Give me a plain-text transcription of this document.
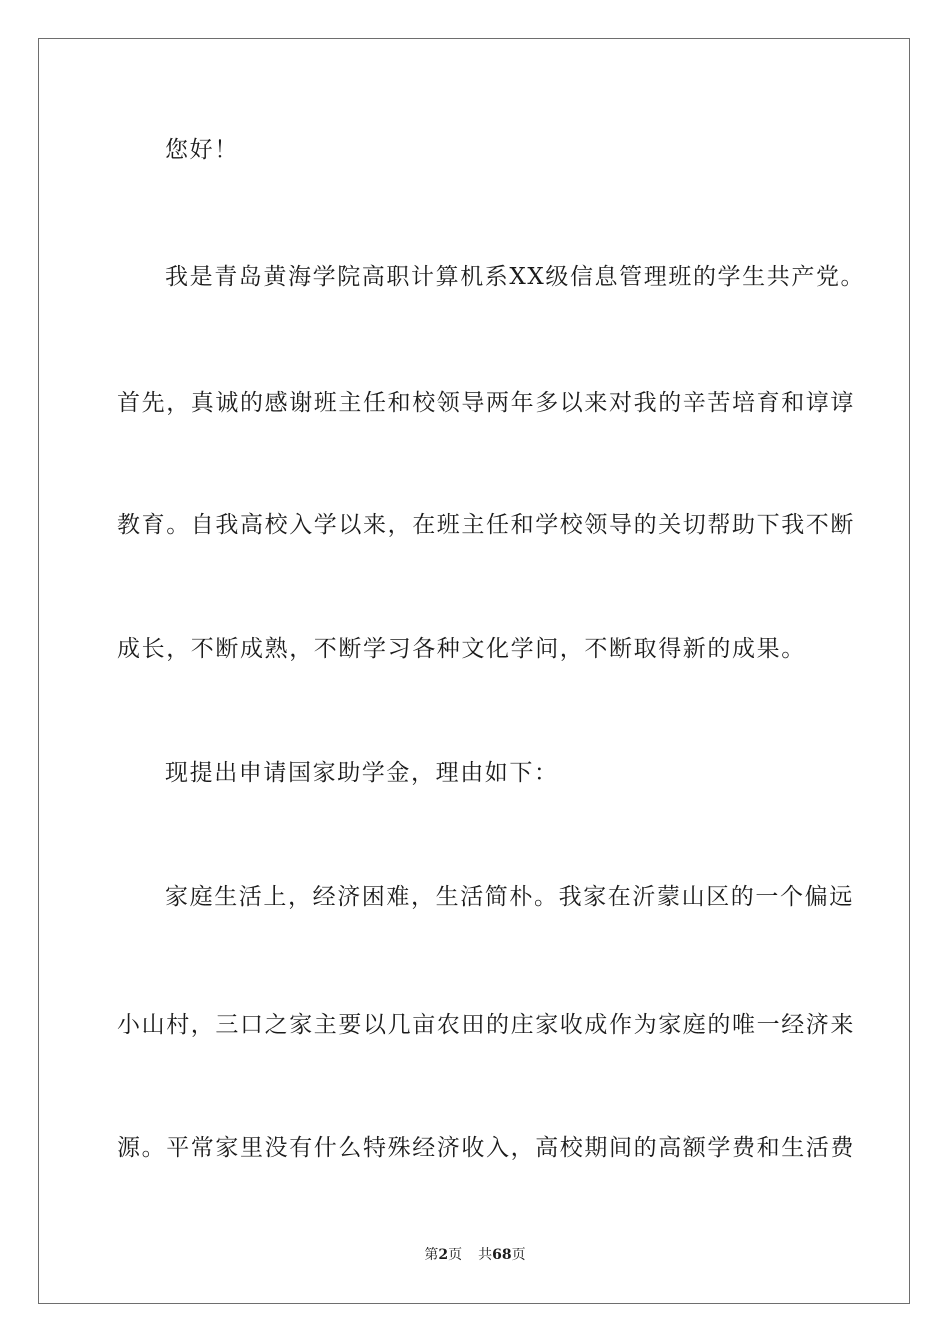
您好！
我是青岛黄海学院高职计算机系XX级信息管理班的学生共产党。
首先，真诚的感谢班主任和校领导两年多以来对我的辛苦培育和谆谆
教育。自我高校入学以来，在班主任和学校领导的关切帮助下我不断
成长，不断成熟，不断学习各种文化学问，不断取得新的成果。
现提出申请国家助学金，理由如下：
家庭生活上，经济困难，生活简朴。我家在沂蒙山区的一个偏远
小山村，三口之家主要以几亩农田的庄家收成作为家庭的唯一经济来
源。平常家里没有什么特殊经济收入，高校期间的高额学费和生活费
第2页 共68页
